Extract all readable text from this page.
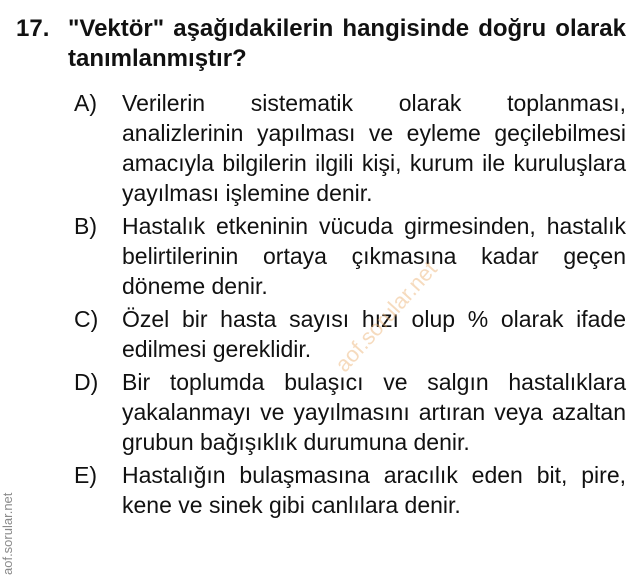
17. "Vektör" aşağıdakilerin hangisinde doğru olarak tanımlanmıştır?
A)	Verilerin sistematik olarak toplanması, analizlerinin yapılması ve eyleme geçilebilmesi amacıyla bilgilerin ilgili kişi, kurum ile kuruluşlara yayılması işlemine denir.
B)	Hastalık etkeninin vücuda girmesinden, hastalık belirtilerinin ortaya çıkmasına kadar geçen döneme denir.
C)	Özel bir hasta sayısı hızı olup % olarak ifade edilmesi gereklidir.
D)	Bir toplumda bulaşıcı ve salgın hastalıklara yakalanmayı ve yayılmasını artıran veya azaltan grubun bağışıklık durumuna denir.
E)	Hastalığın bulaşmasına aracılık eden bit, pire, kene ve sinek gibi canlılara denir.
aof.sorular.net
aof.sorular.net
